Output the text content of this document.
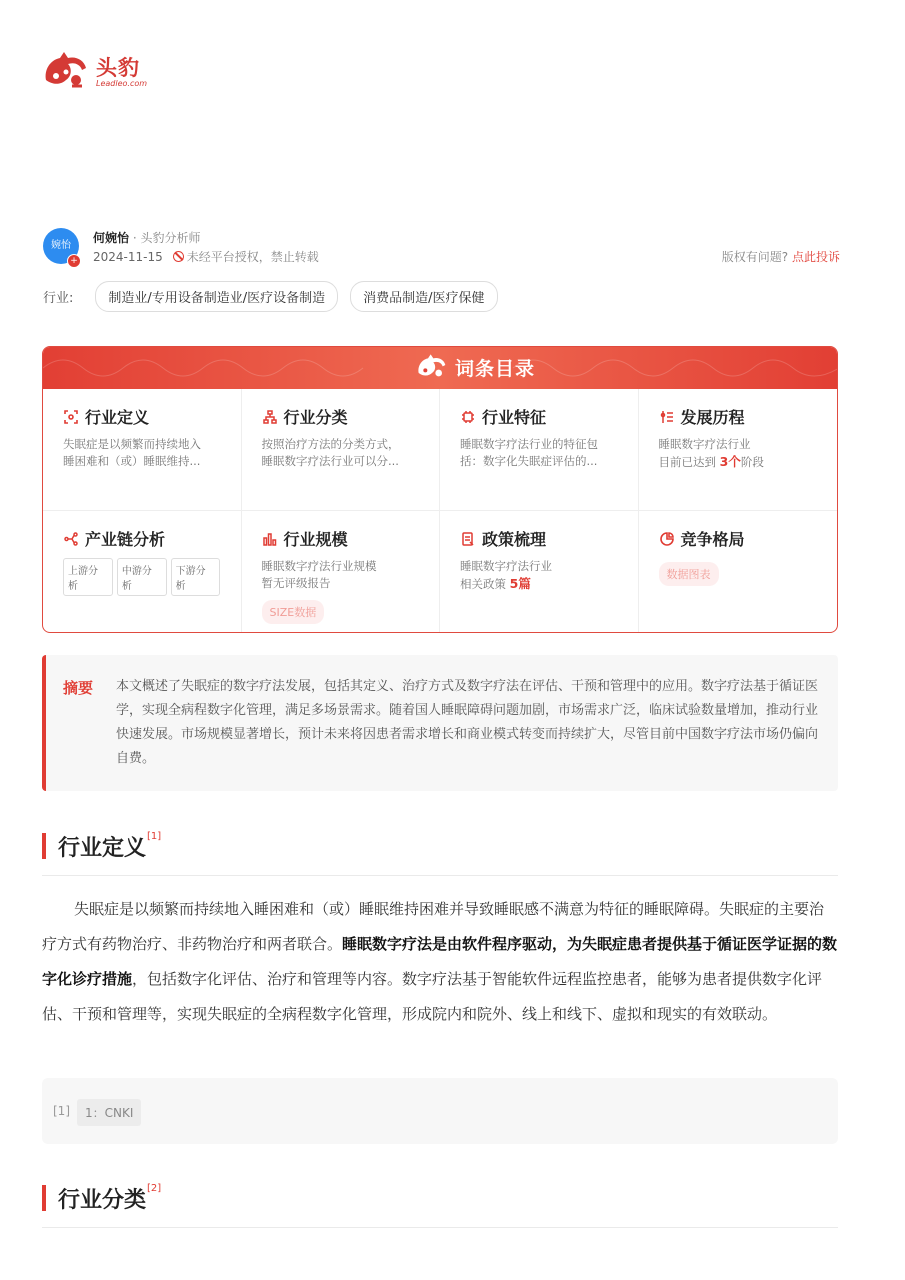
头豹
Leadleo.com
婉怡
+
何婉怡 · 头豹分析师
2024-11-15	未经平台授权，禁止转载	版权有问题? 点此投诉
行业:	制造业/专用设备制造业/医疗设备制造	消费品制造/医疗保健
词条目录
行业定义
失眠症是以频繁而持续地入
睡困难和（或）睡眠维持...
行业分类
按照治疗方法的分类方式，
睡眠数字疗法行业可以分...
行业特征
睡眠数字疗法行业的特征包
括：数字化失眠症评估的...
发展历程
睡眠数字疗法行业
目前已达到 3个阶段
产业链分析
上游分析
中游分析
下游分析
行业规模
睡眠数字疗法行业规模
暂无评级报告
SIZE数据
政策梳理
睡眠数字疗法行业
相关政策 5篇
竞争格局
数据图表
摘要 本文概述了失眠症的数字疗法发展，包括其定义、治疗方式及数字疗法在评估、干预和管理中的应用。数字疗法基于循证医学，实现全病程数字化管理，满足多场景需求。随着国人睡眠障碍问题加剧，市场需求广泛，临床试验数量增加，推动行业快速发展。市场规模显著增长，预计未来将因患者需求增长和商业模式转变而持续扩大，尽管目前中国数字疗法市场仍偏向自费。
行业定义 [1]
失眠症是以频繁而持续地入睡困难和（或）睡眠维持困难并导致睡眠感不满意为特征的睡眠障碍。失眠症的主要治疗方式有药物治疗、非药物治疗和两者联合。睡眠数字疗法是由软件程序驱动，为失眠症患者提供基于循证医学证据的数字化诊疗措施，包括数字化评估、治疗和管理等内容。数字疗法基于智能软件远程监控患者，能够为患者提供数字化评估、干预和管理等，实现失眠症的全病程数字化管理，形成院内和院外、线上和线下、虚拟和现实的有效联动。
[1]	1：CNKI
行业分类 [2]
